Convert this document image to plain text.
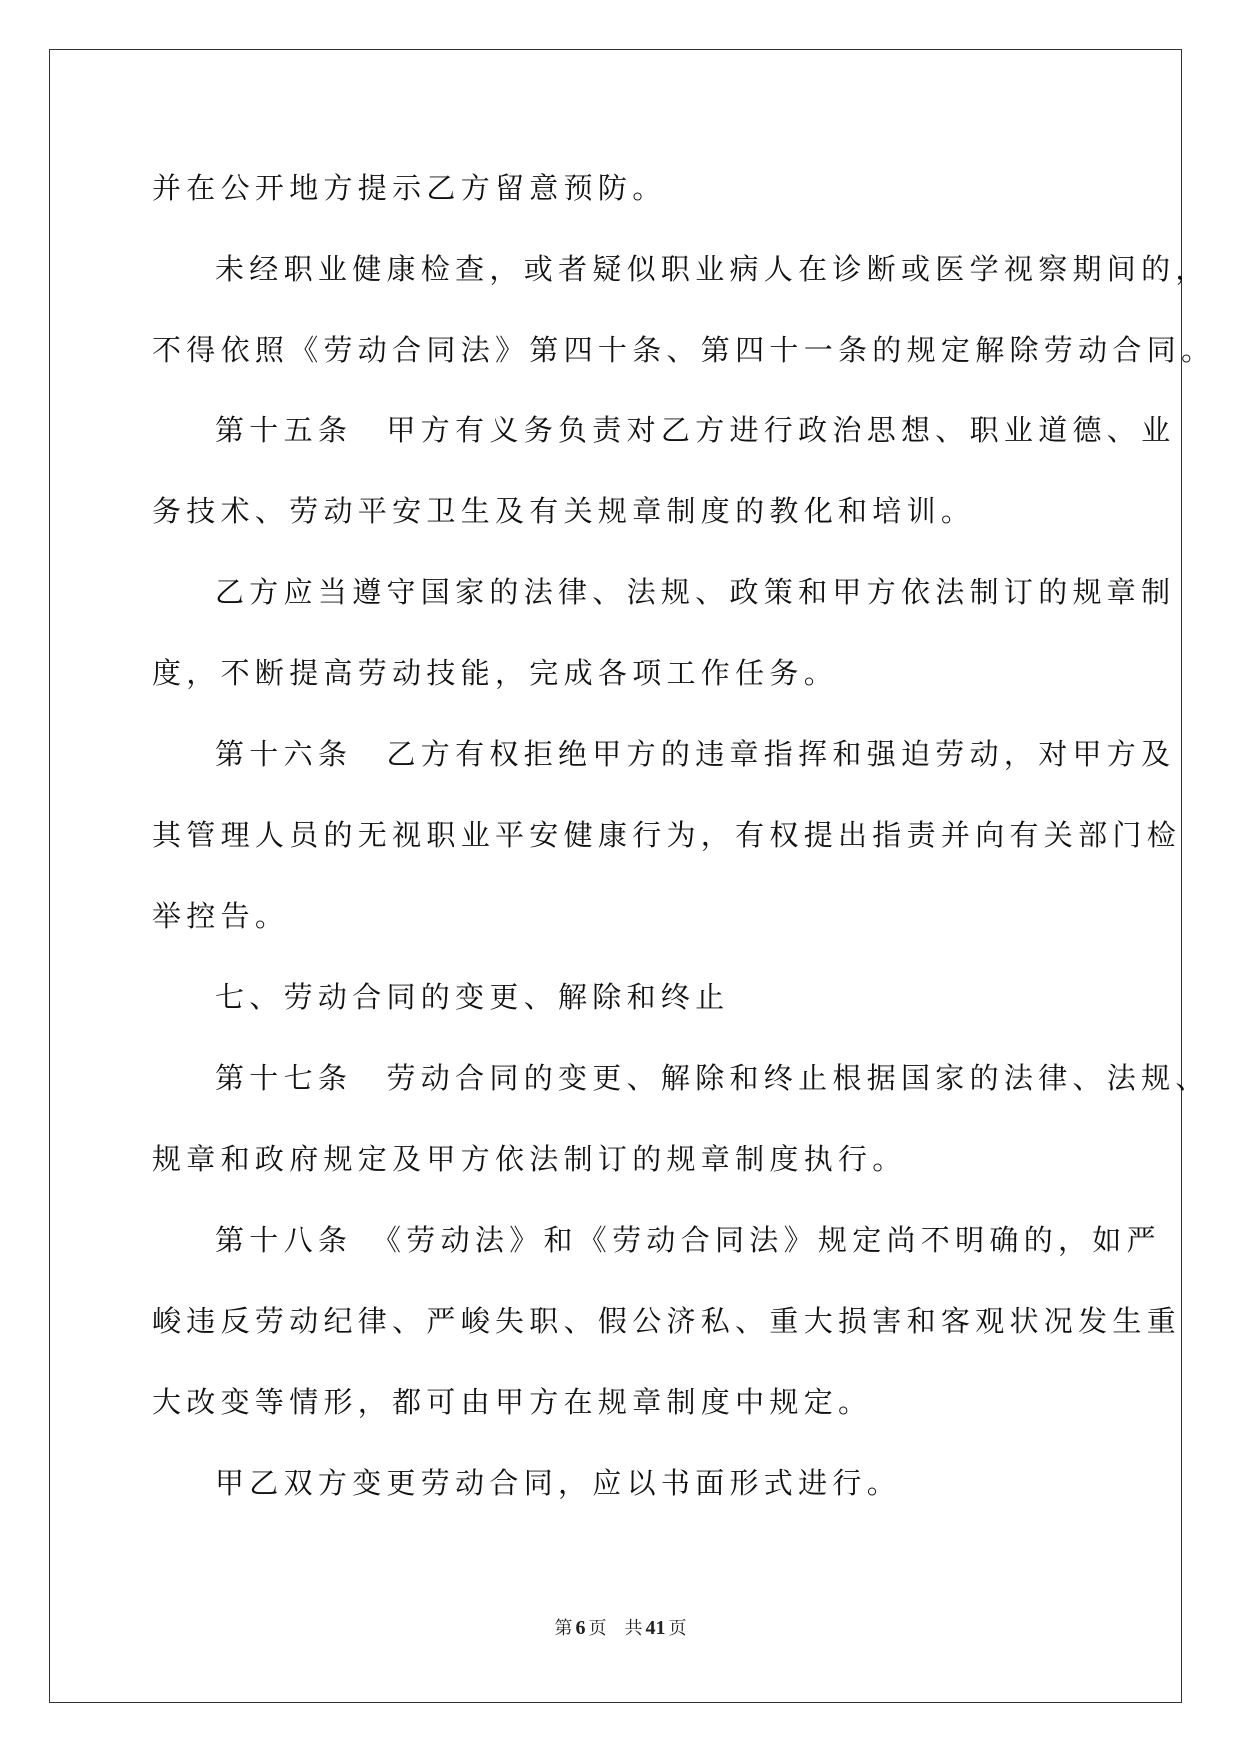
并在公开地方提示乙方留意预防。
未经职业健康检查，或者疑似职业病人在诊断或医学视察期间的，
不得依照《劳动合同法》第四十条、第四十一条的规定解除劳动合同。
第十五条　甲方有义务负责对乙方进行政治思想、职业道德、业
务技术、劳动平安卫生及有关规章制度的教化和培训。
乙方应当遵守国家的法律、法规、政策和甲方依法制订的规章制
度，不断提高劳动技能，完成各项工作任务。
第十六条　乙方有权拒绝甲方的违章指挥和强迫劳动，对甲方及
其管理人员的无视职业平安健康行为，有权提出指责并向有关部门检
举控告。
七、劳动合同的变更、解除和终止
第十七条　劳动合同的变更、解除和终止根据国家的法律、法规、
规章和政府规定及甲方依法制订的规章制度执行。
第十八条　《劳动法》和《劳动合同法》规定尚不明确的，如严
峻违反劳动纪律、严峻失职、假公济私、重大损害和客观状况发生重
大改变等情形，都可由甲方在规章制度中规定。
甲乙双方变更劳动合同，应以书面形式进行。
第 6 页 共 41 页
